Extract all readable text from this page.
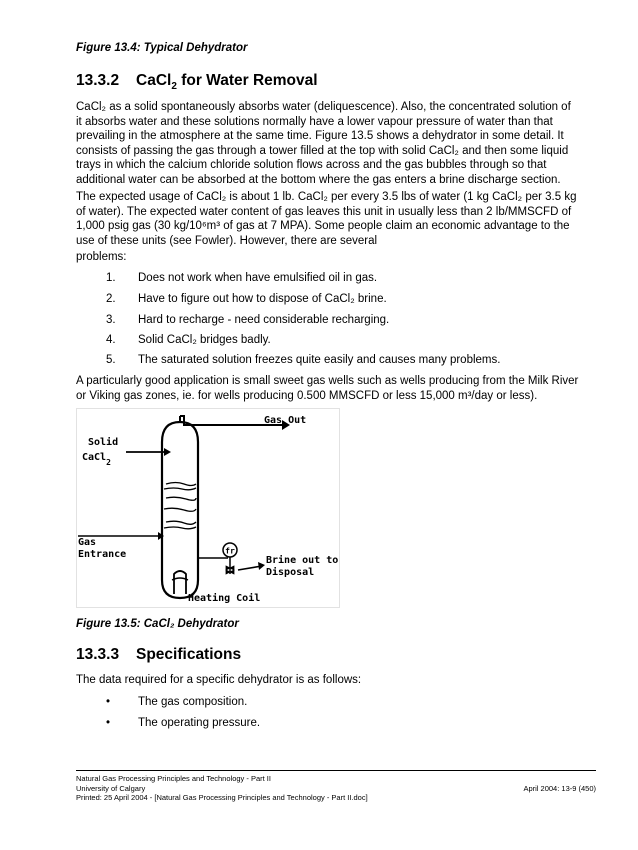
Figure 13.4: Typical Dehydrator
13.3.2 CaCl$_2$ for Water Removal
CaCl₂ as a solid spontaneously absorbs water (deliquescence). Also, the concentrated solution of
it absorbs water and these solutions normally have a lower vapour pressure of water than that
prevailing in the atmosphere at the same time. Figure 13.5 shows a dehydrator in some detail. It
consists of passing the gas through a tower filled at the top with solid CaCl₂ and then some liquid
trays in which the calcium chloride solution flows across and the gas bubbles through so that
additional water can be absorbed at the bottom where the gas enters a brine discharge section.
The expected usage of CaCl₂ is about 1 lb. CaCl₂ per every 3.5 lbs of water (1 kg CaCl₂ per 3.5 kg
of water). The expected water content of gas leaves this unit in usually less than 2 lb/MMSCFD of
1,000 psig gas (30 kg/10⁶m³ of gas at 7 MPA). Some people claim an economic advantage to the
use of these units (see Fowler). However, there are several
problems:
1. Does not work when have emulsified oil in gas.
2. Have to figure out how to dispose of CaCl₂ brine.
3. Hard to recharge - need considerable recharging.
4. Solid CaCl₂ bridges badly.
5. The saturated solution freezes quite easily and causes many problems.
A particularly good application is small sweet gas wells such as wells producing from the Milk River
or Viking gas zones, ie. for wells producing 0.500 MMSCFD or less 15,000 m³/day or less).
fr
Gas Out
Solid
CaCl$_2$
Gas
Entrance
Brine out to
Disposal
Heating Coil
Figure 13.5: CaCl₂ Dehydrator
13.3.3 Specifications
The data required for a specific dehydrator is as follows:
• The gas composition.
• The operating pressure.
Natural Gas Processing Principles and Technology - Part II
University of Calgary	April 2004: 13-9 (450)
Printed: 25 April 2004 - [Natural Gas Processing Principles and Technology - Part II.doc]
